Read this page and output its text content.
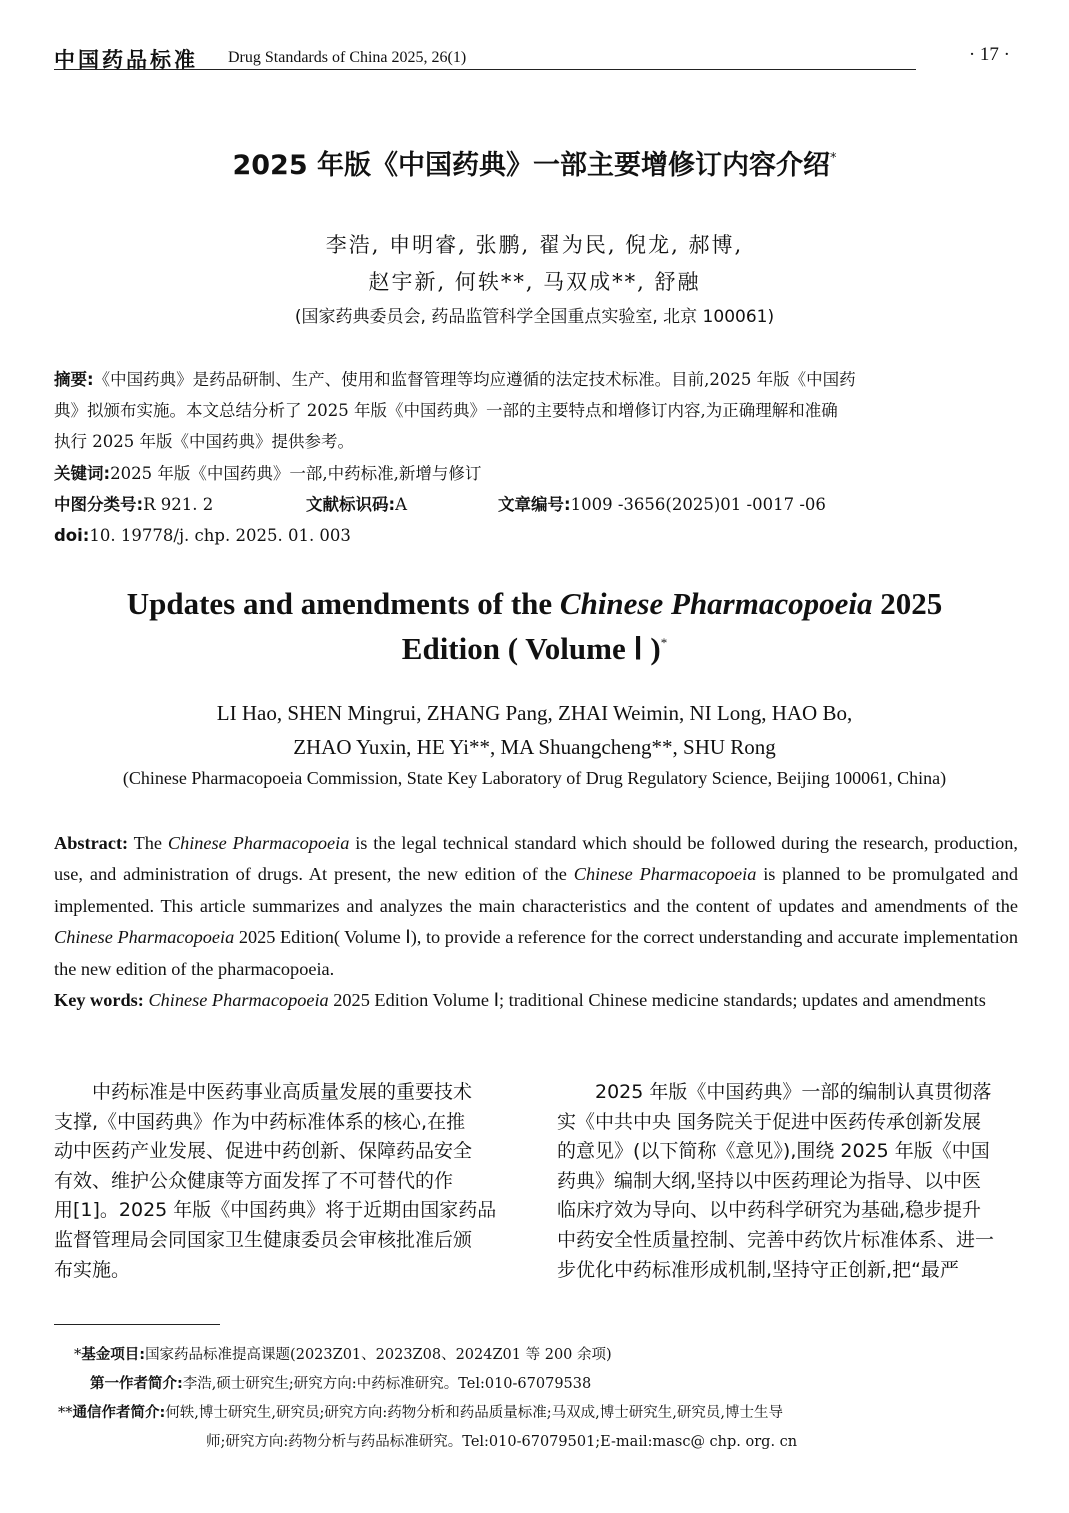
中国药品标准 Drug Standards of China 2025, 26(1)	· 17 ·
2025 年版《中国药典》一部主要增修订内容介绍*
李浩, 申明睿, 张鹏, 翟为民, 倪龙, 郝博,
赵宇新, 何轶**, 马双成**, 舒融
(国家药典委员会, 药品监管科学全国重点实验室, 北京 100061)
摘要:《中国药典》是药品研制、生产、使用和监督管理等均应遵循的法定技术标准。目前,2025 年版《中国药
典》拟颁布实施。本文总结分析了 2025 年版《中国药典》一部的主要特点和增修订内容,为正确理解和准确
执行 2025 年版《中国药典》提供参考。
关键词:2025 年版《中国药典》一部,中药标准,新增与修订
中图分类号:R 921. 2	文献标识码:A	文章编号:1009 -3656(2025)01 -0017 -06
doi:10. 19778/j. chp. 2025. 01. 003
Updates and amendments of the Chinese Pharmacopoeia 2025
Edition ( Volume Ⅰ )*
LI Hao, SHEN Mingrui, ZHANG Pang, ZHAI Weimin, NI Long, HAO Bo,
ZHAO Yuxin, HE Yi**, MA Shuangcheng**, SHU Rong
(Chinese Pharmacopoeia Commission, State Key Laboratory of Drug Regulatory Science, Beijing 100061, China)
Abstract: The Chinese Pharmacopoeia is the legal technical standard which should be followed during the research, production, use, and administration of drugs. At present, the new edition of the Chinese Pharmacopoeia is planned to be promulgated and implemented. This article summarizes and analyzes the main characteristics and the content of updates and amendments of the Chinese Pharmacopoeia 2025 Edition( Volume Ⅰ), to provide a reference for the correct understanding and accurate implementation the new edition of the pharmacopoeia.
Key words: Chinese Pharmacopoeia 2025 Edition Volume Ⅰ; traditional Chinese medicine standards; updates and amendments
　　中药标准是中医药事业高质量发展的重要技术
支撑,《中国药典》作为中药标准体系的核心,在推
动中医药产业发展、促进中药创新、保障药品安全
有效、维护公众健康等方面发挥了不可替代的作
用[1]。2025 年版《中国药典》将于近期由国家药品
监督管理局会同国家卫生健康委员会审核批准后颁
布实施。
　　2025 年版《中国药典》一部的编制认真贯彻落
实《中共中央 国务院关于促进中医药传承创新发展
的意见》(以下简称《意见》),围绕 2025 年版《中国
药典》编制大纲,坚持以中医药理论为指导、以中医
临床疗效为导向、以中药科学研究为基础,稳步提升
中药安全性质量控制、完善中药饮片标准体系、进一
步优化中药标准形成机制,坚持守正创新,把“最严
*基金项目:国家药品标准提高课题(2023Z01、2023Z08、2024Z01 等 200 余项)
第一作者简介:李浩,硕士研究生;研究方向:中药标准研究。Tel:010-67079538
**通信作者简介:何轶,博士研究生,研究员;研究方向:药物分析和药品质量标准;马双成,博士研究生,研究员,博士生导
师;研究方向:药物分析与药品标准研究。Tel:010-67079501;E-mail:masc@ chp. org. cn
